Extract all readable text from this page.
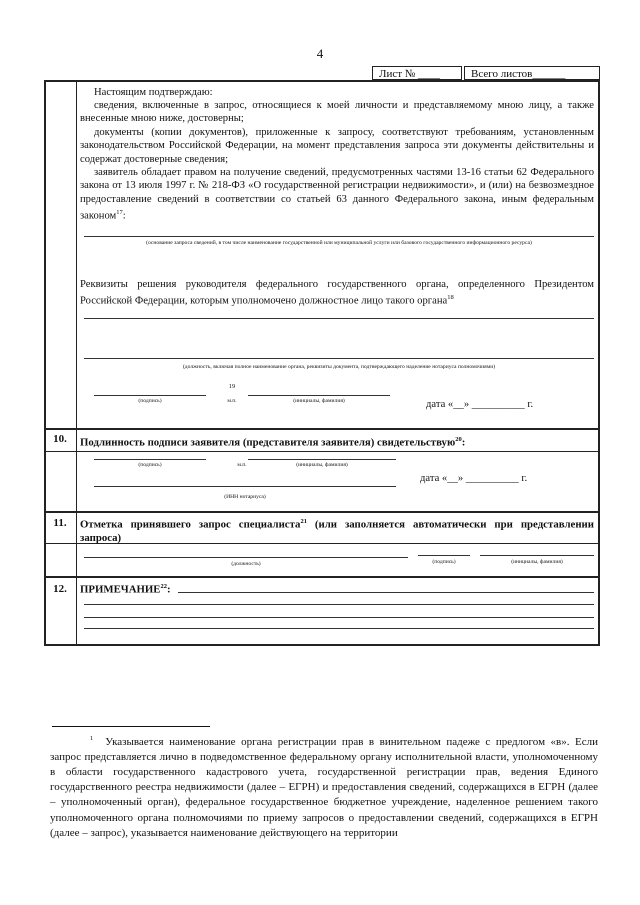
4
Лист № ____	Всего листов______
Настоящим подтверждаю:
сведения, включенные в запрос, относящиеся к моей личности и представляемому мною лицу, а также внесенные мною ниже, достоверны;
документы (копии документов), приложенные к запросу, соответствуют требованиям, установленным законодательством Российской Федерации, на момент представления запроса эти документы действительны и содержат достоверные сведения;
заявитель обладает правом на получение сведений, предусмотренных частями 13-16 статьи 62 Федерального закона от 13 июля 1997 г. № 218-ФЗ «О государственной регистрации недвижимости», и (или) на безвозмездное предоставление сведений в соответствии со статьей 63 данного Федерального закона, иным федеральным законом$^{17}$:
(основание запроса сведений, в том числе наименование государственной или муниципальной услуги или базового государственного информационного ресурса)
Реквизиты решения руководителя федерального государственного органа, определенного Президентом Российской Федерации, которым уполномочено должностное лицо такого органа$^{18}$
(должность, включая полное наименование органа, реквизиты документа, подтверждающего наделение нотариуса полномочиями)
19
(подпись)	м.п.	(инициалы, фамилия)	дата «__» __________ г.
10.	Подлинность подписи заявителя (представителя заявителя) свидетельствую$^{20}$:
(подпись)	м.п.	(инициалы, фамилия)
дата «__» __________ г.
(ИНН нотариуса)
11.	Отметка принявшего запрос специалиста$^{21}$ (или заполняется автоматически при представлении запроса)
(должность)	(подпись)	(инициалы, фамилия)
12.	ПРИМЕЧАНИЕ$^{22}$:
$^1$ Указывается наименование органа регистрации прав в винительном падеже с предлогом «в». Если запрос представляется лично в подведомственное федеральному органу исполнительной власти, уполномоченному в области государственного кадастрового учета, государственной регистрации прав, ведения Единого государственного реестра недвижимости (далее – ЕГРН) и предоставления сведений, содержащихся в ЕГРН (далее – уполномоченный орган), федеральное государственное бюджетное учреждение, наделенное решением такого уполномоченного органа полномочиями по приему запросов о предоставлении сведений, содержащихся в ЕГРН (далее – запрос), указывается наименование действующего на территории
